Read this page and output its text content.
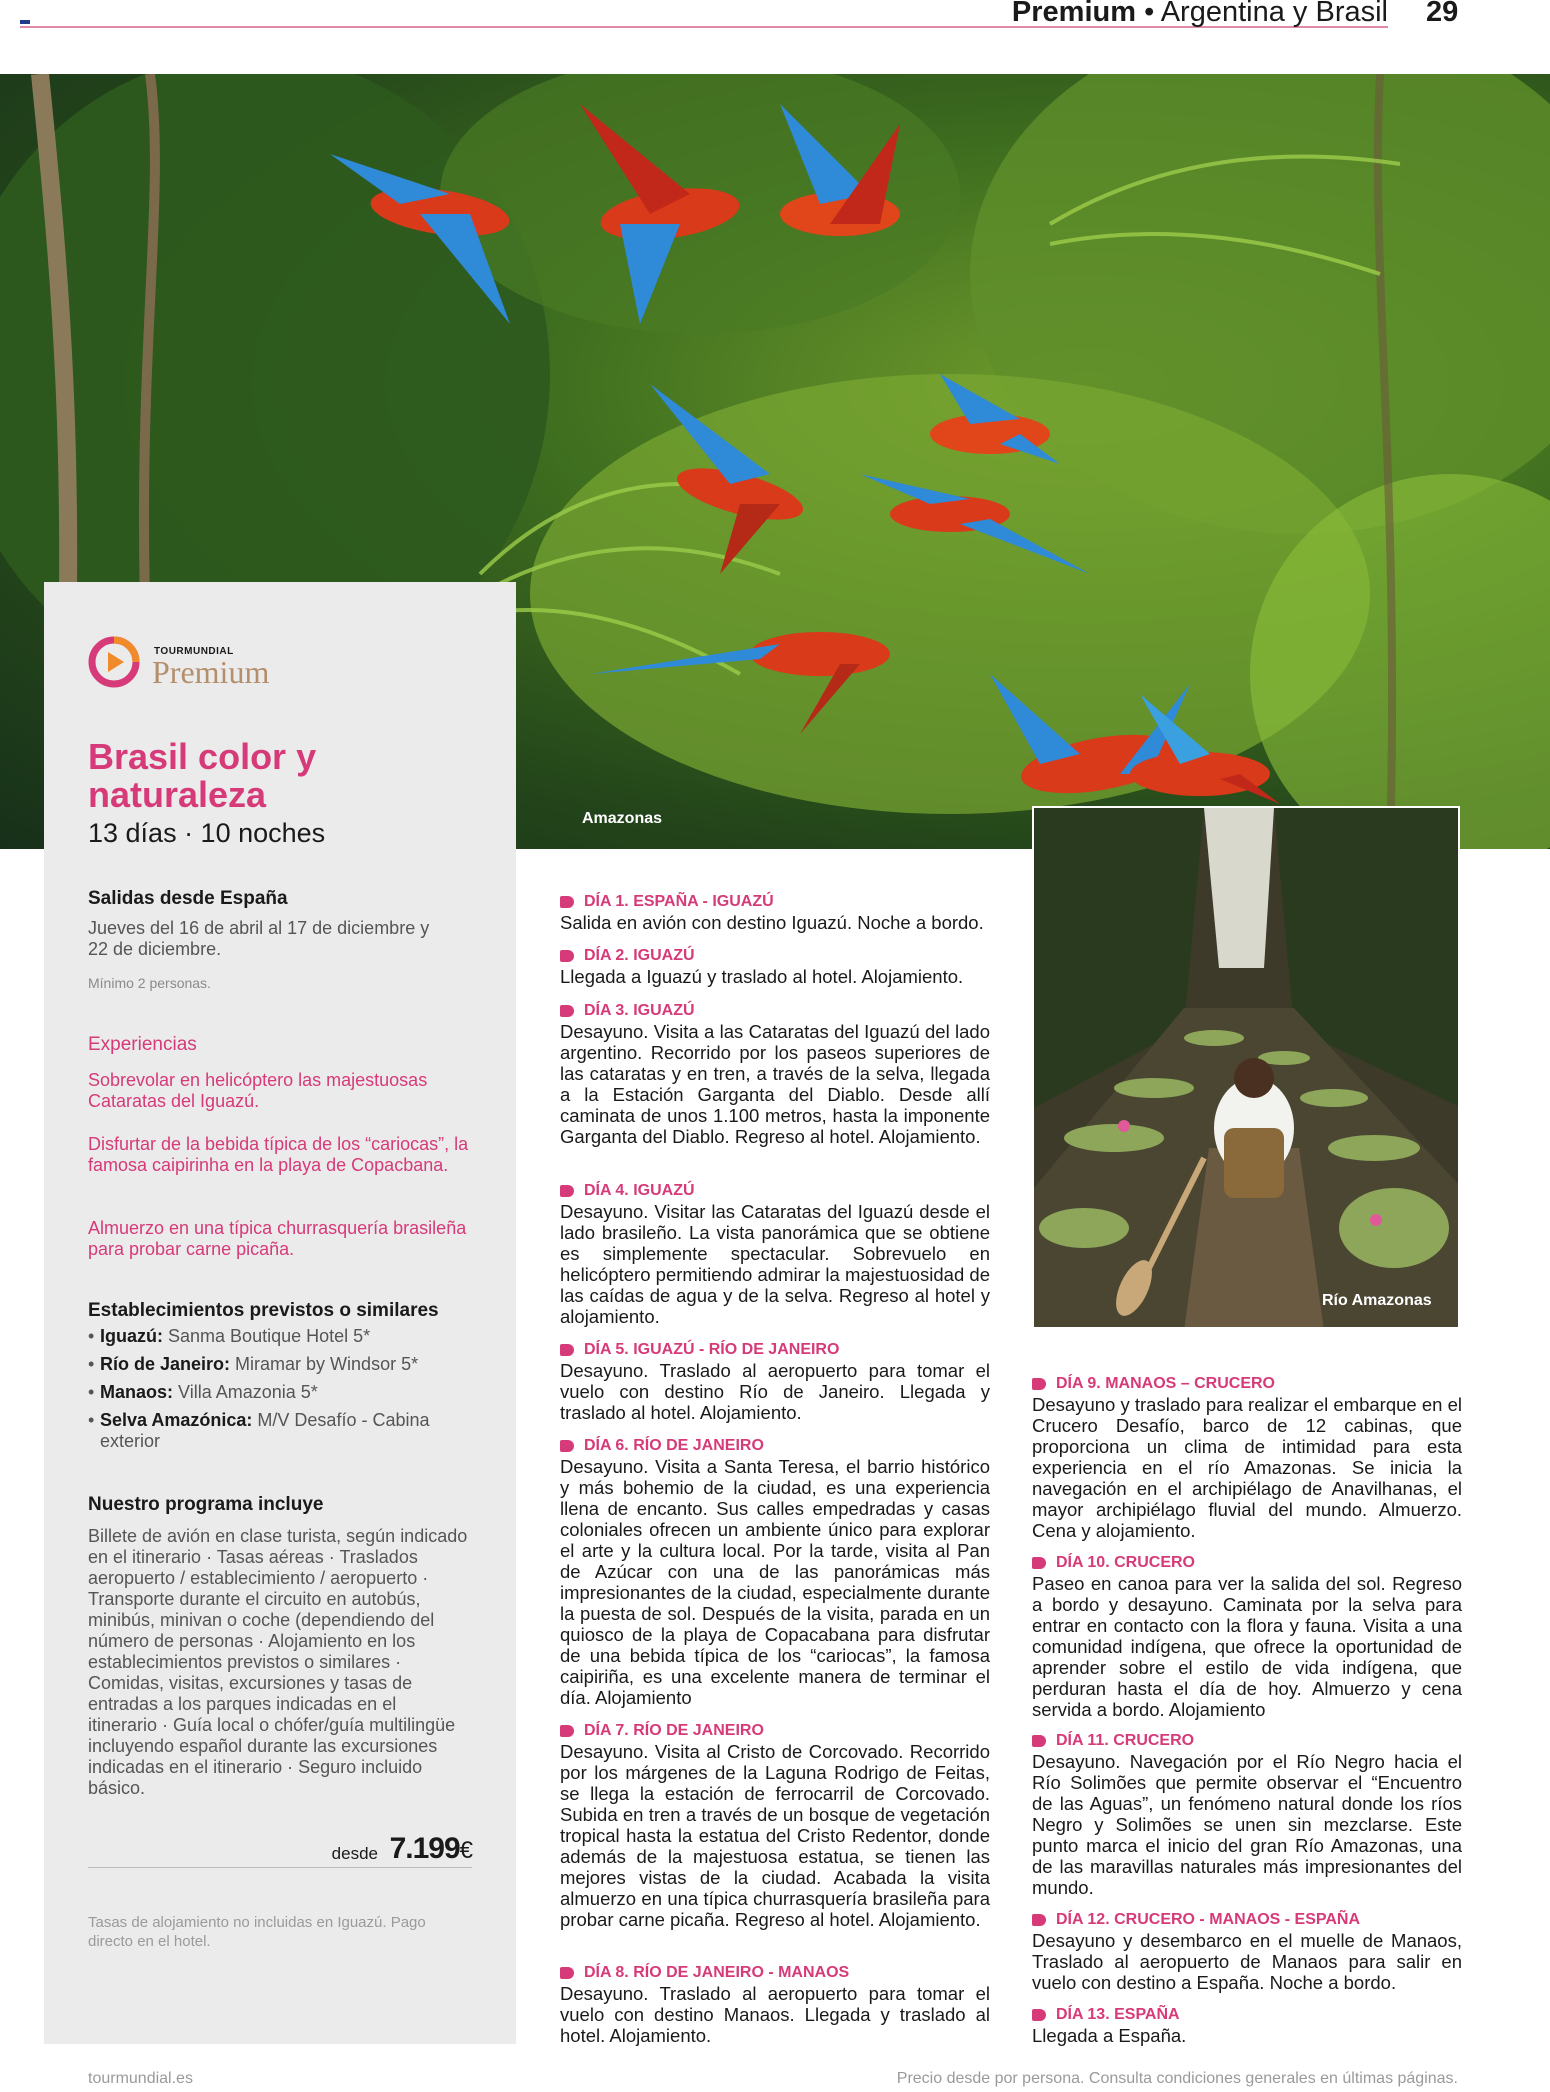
Premium • Argentina y Brasil 29
Amazonas
TOURMUNDIAL
Premium
Brasil color y naturaleza
13 días · 10 noches
Salidas desde España
Jueves del 16 de abril al 17 de diciembre y 22 de diciembre.
Mínimo 2 personas.
Experiencias
Sobrevolar en helicóptero las majestuosas Cataratas del Iguazú.
Disfurtar de la bebida típica de los “cariocas”, la famosa caipirinha en la playa de Copacbana.
Almuerzo en una típica churrasquería brasileña para probar carne picaña.
Establecimientos previstos o similares
• Iguazú: Sanma Boutique Hotel 5*
• Río de Janeiro: Miramar by Windsor 5*
• Manaos: Villa Amazonia 5*
• Selva Amazónica: M/V Desafío - Cabina exterior
Nuestro programa incluye
Billete de avión en clase turista, según indicado en el itinerario · Tasas aéreas · Traslados aeropuerto / establecimiento / aeropuerto · Transporte durante el circuito en autobús, minibús, minivan o coche (dependiendo del número de personas · Alojamiento en los establecimientos previstos o similares · Comidas, visitas, excursiones y tasas de entradas a los parques indicadas en el itinerario · Guía local o chófer/guía multilingüe incluyendo español durante las excursiones indicadas en el itinerario · Seguro incluido básico.
desde 7.199€
Tasas de alojamiento no incluidas en Iguazú. Pago directo en el hotel.
DÍA 1. ESPAÑA - IGUAZÚ
Salida en avión con destino Iguazú. Noche a bordo.
DÍA 2. IGUAZÚ
Llegada a Iguazú y traslado al hotel. Alojamiento.
DÍA 3. IGUAZÚ
Desayuno. Visita a las Cataratas del Iguazú del lado argentino. Recorrido por los paseos superiores de las cataratas y en tren, a través de la selva, llegada a la Estación Garganta del Diablo. Desde allí caminata de unos 1.100 metros, hasta la imponente Garganta del Diablo. Regreso al hotel. Alojamiento.
DÍA 4. IGUAZÚ
Desayuno. Visitar las Cataratas del Iguazú desde el lado brasileño. La vista panorámica que se obtiene es simplemente spectacular. Sobrevuelo en helicóptero permitiendo admirar la majestuosidad de las caídas de agua y de la selva. Regreso al hotel y alojamiento.
DÍA 5. IGUAZÚ - RÍO DE JANEIRO
Desayuno. Traslado al aeropuerto para tomar el vuelo con destino Río de Janeiro. Llegada y traslado al hotel. Alojamiento.
DÍA 6. RÍO DE JANEIRO
Desayuno. Visita a Santa Teresa, el barrio histórico y más bohemio de la ciudad, es una experiencia llena de encanto. Sus calles empedradas y casas coloniales ofrecen un ambiente único para explorar el arte y la cultura local. Por la tarde, visita al Pan de Azúcar con una de las panorámicas más impresionantes de la ciudad, especialmente durante la puesta de sol. Después de la visita, parada en un quiosco de la playa de Copacabana para disfrutar de una bebida típica de los “cariocas”, la famosa caipiriña, es una excelente manera de terminar el día. Alojamiento
DÍA 7. RÍO DE JANEIRO
Desayuno. Visita al Cristo de Corcovado. Recorrido por los márgenes de la Laguna Rodrigo de Feitas, se llega la estación de ferrocarril de Corcovado. Subida en tren a través de un bosque de vegetación tropical hasta la estatua del Cristo Redentor, donde además de la majestuosa estatua, se tienen las mejores vistas de la ciudad. Acabada la visita almuerzo en una típica churrasquería brasileña para probar carne picaña. Regreso al hotel. Alojamiento.
DÍA 8. RÍO DE JANEIRO - MANAOS
Desayuno. Traslado al aeropuerto para tomar el vuelo con destino Manaos. Llegada y traslado al hotel. Alojamiento.
Río Amazonas
DÍA 9. MANAOS – CRUCERO
Desayuno y traslado para realizar el embarque en el Crucero Desafío, barco de 12 cabinas, que proporciona un clima de intimidad para esta experiencia en el río Amazonas. Se inicia la navegación en el archipiélago de Anavilhanas, el mayor archipiélago fluvial del mundo. Almuerzo. Cena y alojamiento.
DÍA 10. CRUCERO
Paseo en canoa para ver la salida del sol. Regreso a bordo y desayuno. Caminata por la selva para entrar en contacto con la flora y fauna. Visita a una comunidad indígena, que ofrece la oportunidad de aprender sobre el estilo de vida indígena, que perduran hasta el día de hoy. Almuerzo y cena servida a bordo. Alojamiento
DÍA 11. CRUCERO
Desayuno. Navegación por el Río Negro hacia el Río Solimões que permite observar el “Encuentro de las Aguas”, un fenómeno natural donde los ríos Negro y Solimões se unen sin mezclarse. Este punto marca el inicio del gran Río Amazonas, una de las maravillas naturales más impresionantes del mundo.
DÍA 12. CRUCERO - MANAOS - ESPAÑA
Desayuno y desembarco en el muelle de Manaos, Traslado al aeropuerto de Manaos para salir en vuelo con destino a España. Noche a bordo.
DÍA 13. ESPAÑA
Llegada a España.
tourmundial.es	Precio desde por persona. Consulta condiciones generales en últimas páginas.
